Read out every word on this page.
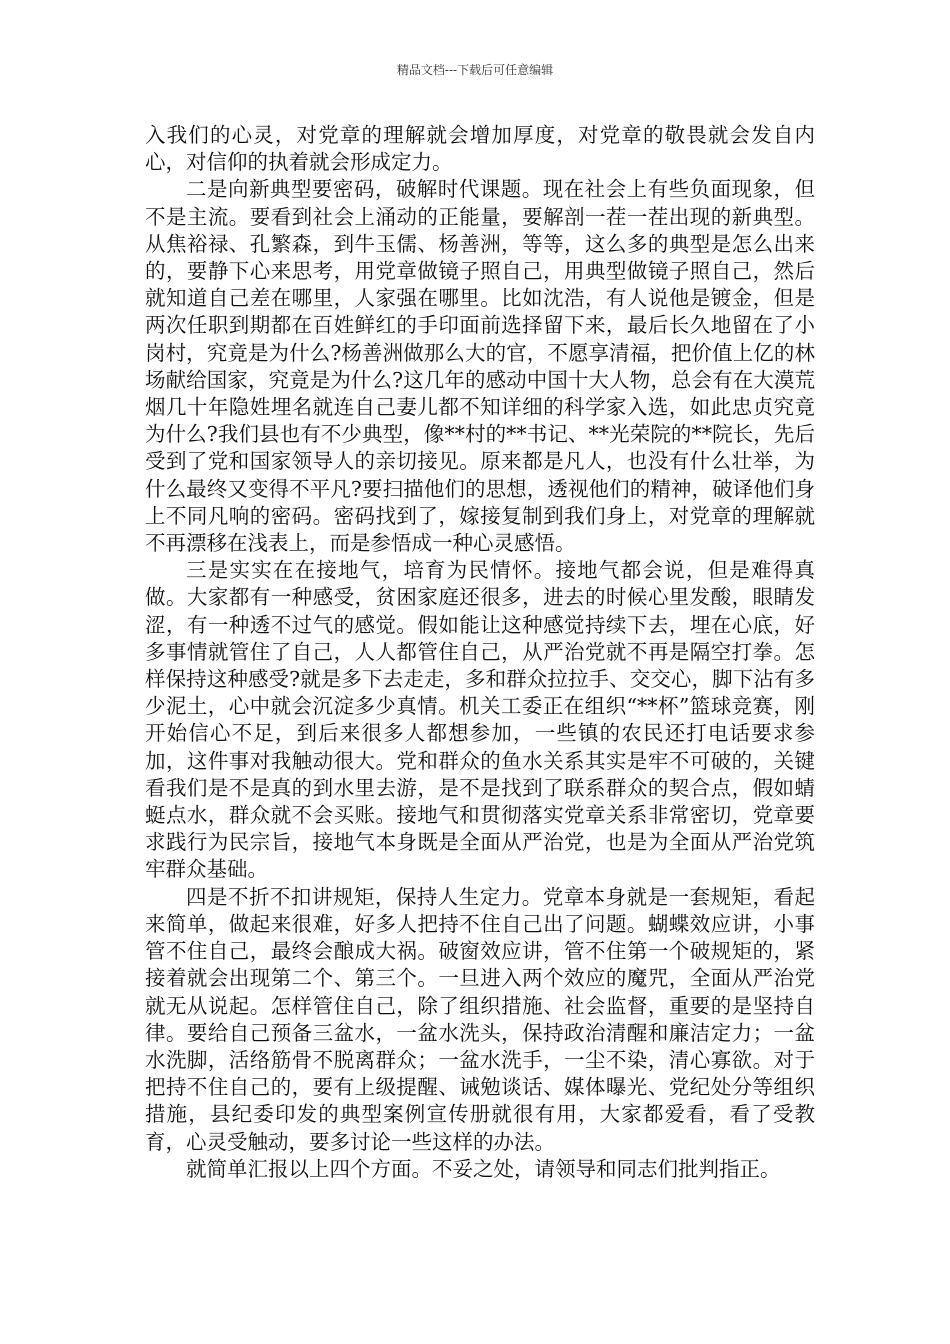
精品文档---下载后可任意编辑

入我们的心灵，对党章的理解就会增加厚度，对党章的敬畏就会发自内心，对信仰的执着就会形成定力。

二是向新典型要密码，破解时代课题。现在社会上有些负面现象，但不是主流。要看到社会上涌动的正能量，要解剖一茬一茬出现的新典型。从焦裕禄、孔繁森，到牛玉儒、杨善洲，等等，这么多的典型是怎么出来的，要静下心来思考，用党章做镜子照自己，用典型做镜子照自己，然后就知道自己差在哪里，人家强在哪里。比如沈浩，有人说他是镀金，但是两次任职到期都在百姓鲜红的手印面前选择留下来，最后长久地留在了小岗村，究竟是为什么?杨善洲做那么大的官，不愿享清福，把价值上亿的林场献给国家，究竟是为什么?这几年的感动中国十大人物，总会有在大漠荒烟几十年隐姓埋名就连自己妻儿都不知详细的科学家入选，如此忠贞究竟为什么?我们县也有不少典型，像**村的**书记、**光荣院的**院长，先后受到了党和国家领导人的亲切接见。原来都是凡人，也没有什么壮举，为什么最终又变得不平凡?要扫描他们的思想，透视他们的精神，破译他们身上不同凡响的密码。密码找到了，嫁接复制到我们身上，对党章的理解就不再漂移在浅表上，而是参悟成一种心灵感悟。

三是实实在在接地气，培育为民情怀。接地气都会说，但是难得真做。大家都有一种感受，贫困家庭还很多，进去的时候心里发酸，眼睛发涩，有一种透不过气的感觉。假如能让这种感觉持续下去，埋在心底，好多事情就管住了自己，人人都管住自己，从严治党就不再是隔空打拳。怎样保持这种感受?就是多下去走走，多和群众拉拉手、交交心，脚下沾有多少泥土，心中就会沉淀多少真情。机关工委正在组织“**杯”篮球竞赛，刚开始信心不足，到后来很多人都想参加，一些镇的农民还打电话要求参加，这件事对我触动很大。党和群众的鱼水关系其实是牢不可破的，关键看我们是不是真的到水里去游，是不是找到了联系群众的契合点，假如蜻蜓点水，群众就不会买账。接地气和贯彻落实党章关系非常密切，党章要求践行为民宗旨，接地气本身既是全面从严治党，也是为全面从严治党筑牢群众基础。

四是不折不扣讲规矩，保持人生定力。党章本身就是一套规矩，看起来简单，做起来很难，好多人把持不住自己出了问题。蝴蝶效应讲，小事管不住自己，最终会酿成大祸。破窗效应讲，管不住第一个破规矩的，紧接着就会出现第二个、第三个。一旦进入两个效应的魔咒，全面从严治党就无从说起。怎样管住自己，除了组织措施、社会监督，重要的是坚持自律。要给自己预备三盆水，一盆水洗头，保持政治清醒和廉洁定力；一盆水洗脚，活络筋骨不脱离群众；一盆水洗手，一尘不染，清心寡欲。对于把持不住自己的，要有上级提醒、诫勉谈话、媒体曝光、党纪处分等组织措施，县纪委印发的典型案例宣传册就很有用，大家都爱看，看了受教育，心灵受触动，要多讨论一些这样的办法。

就简单汇报以上四个方面。不妥之处，请领导和同志们批判指正。
